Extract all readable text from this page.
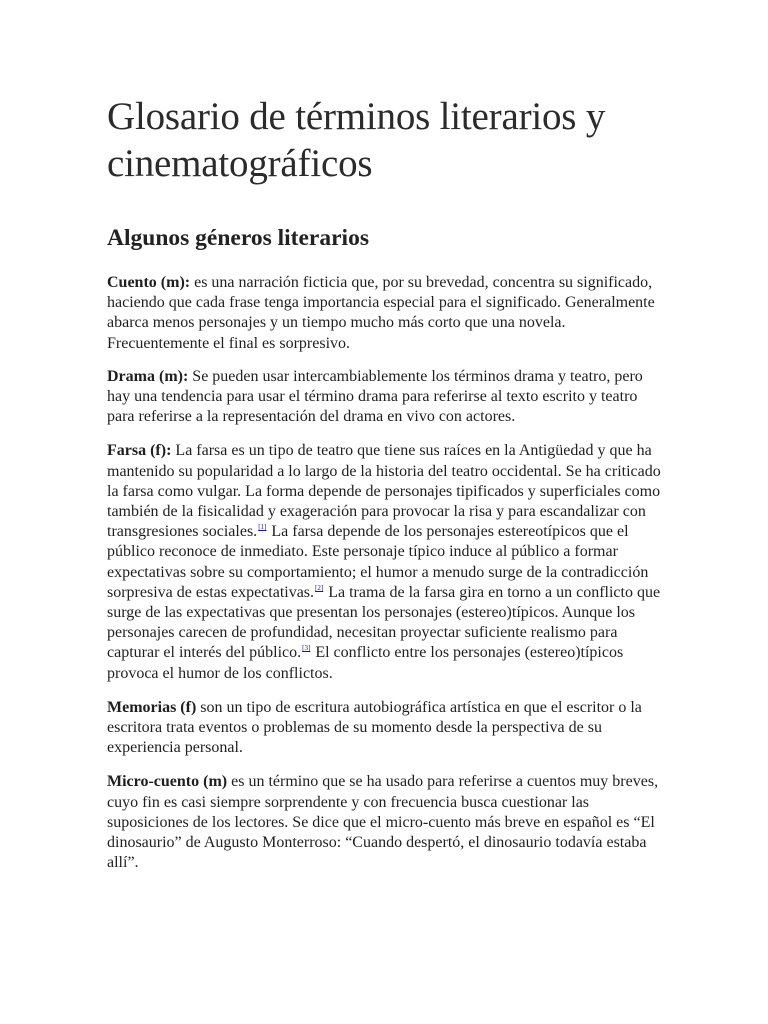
Glosario de términos literarios y cinematográficos
Algunos géneros literarios

Cuento (m): es una narración ficticia que, por su brevedad, concentra su significado, haciendo que cada frase tenga importancia especial para el significado. Generalmente abarca menos personajes y un tiempo mucho más corto que una novela. Frecuentemente el final es sorpresivo.

Drama (m): Se pueden usar intercambiablemente los términos drama y teatro, pero hay una tendencia para usar el término drama para referirse al texto escrito y teatro para referirse a la representación del drama en vivo con actores.

Farsa (f): La farsa es un tipo de teatro que tiene sus raíces en la Antigüedad y que ha mantenido su popularidad a lo largo de la historia del teatro occidental. Se ha criticado la farsa como vulgar. La forma depende de personajes tipificados y superficiales como también de la fisicalidad y exageración para provocar la risa y para escandalizar con transgresiones sociales.[1] La farsa depende de los personajes estereotípicos que el público reconoce de inmediato. Este personaje típico induce al público a formar expectativas sobre su comportamiento; el humor a menudo surge de la contradicción sorpresiva de estas expectativas.[2] La trama de la farsa gira en torno a un conflicto que surge de las expectativas que presentan los personajes (estereo)típicos. Aunque los personajes carecen de profundidad, necesitan proyectar suficiente realismo para capturar el interés del público.[3] El conflicto entre los personajes (estereo)típicos provoca el humor de los conflictos.

Memorias (f) son un tipo de escritura autobiográfica artística en que el escritor o la escritora trata eventos o problemas de su momento desde la perspectiva de su experiencia personal.

Micro-cuento (m) es un término que se ha usado para referirse a cuentos muy breves, cuyo fin es casi siempre sorprendente y con frecuencia busca cuestionar las suposiciones de los lectores. Se dice que el micro-cuento más breve en español es “El dinosaurio” de Augusto Monterroso: “Cuando despertó, el dinosaurio todavía estaba allí”.
